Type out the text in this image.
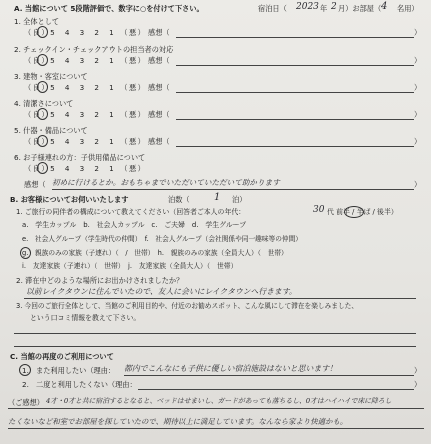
A. 当館について 5段階評価で、数字に○を付けて下さい。	宿泊日（ 2023 年 2 月）お部屋（ 4 名用）
1. 全体として
（良）5　4　3　2　1　（悪） 感想（	）
2. チェックイン・チェックアウトの担当者の対応
（良）5　4　3　2　1　（悪） 感想（	）
3. 建物・客室について
（良）5　4　3　2　1　（悪） 感想（	）
4. 清潔さについて
（良）5　4　3　2　1　（悪） 感想（	）
5. 什器・備品について
（良）5　4　3　2　1　（悪） 感想（	）
6. お子様連れの方：子供用備品について
（良）5　4　3　2　1　（悪）
感想（ 初めに行けるとか。おもちゃまでいただいていただいて助かります	）
B. お客様についてお伺いいたします	泊数（ 1 泊）
1. ご旅行の同伴者の構成について教えてください（回答者ご本人の年代：	30 代 前半 / 半ば / 後半）
a.　学生カップル　b.　社会人カップル　c.　ご夫婦　d.　学生グループ
e.　社会人グループ（学生時代の仲間）　f.　社会人グループ（会社関係や同一趣味等の仲間）
g.　親族のみの家族（子連れ）（　/　世帯）　h.　親族のみの家族（全員大人）（　世帯）
i.　友達家族（子連れ）（　世帯）　j.　友達家族（全員大人）（　世帯）
2. 滞在中どのような場所にお出かけされましたか？
以前レイクタウンに住んでいたので、友人に会いにレイクタウンへ行きます。
3. 今回のご旅行全体として、当館のご利用目的や、付近のお勧めスポット、こんな風にして滞在を楽しみました、
という口コミ情報を教えて下さい。
C. 当館の再度のご利用について
1. また利用したい（理由： 都内でこんなにも子供に優しい宿泊施設はないと思います！	）
2. 二度と利用したくない（理由：	）
（ご感想） 4才・0才と共に宿泊するとなると、ベッドはせまいし、ガードがあっても落ちるし、0才はハイハイで床に降ろし
たくないなど和室でお部屋を探していたので、期待以上に満足しています。なんなら家より快適かも。
